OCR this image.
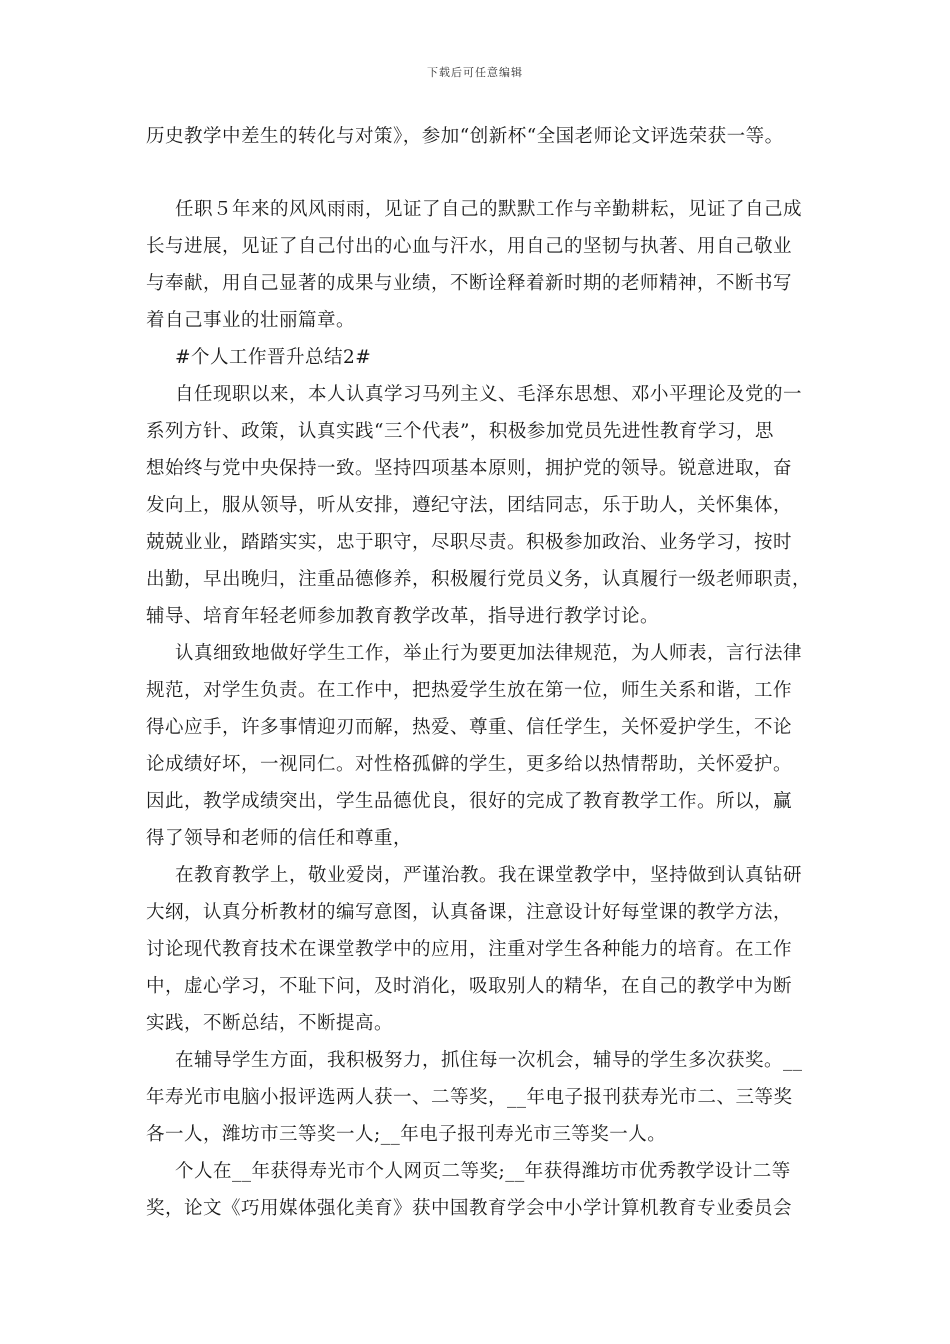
下载后可任意编辑
历史教学中差生的转化与对策》，参加“创新杯“全国老师论文评选荣获一等。
任职５年来的风风雨雨，见证了自己的默默工作与辛勤耕耘，见证了自己成
长与进展，见证了自己付出的心血与汗水，用自己的坚韧与执著、用自己敬业
与奉献，用自己显著的成果与业绩，不断诠释着新时期的老师精神，不断书写
着自己事业的壮丽篇章。
#个人工作晋升总结2#
自任现职以来，本人认真学习马列主义、毛泽东思想、邓小平理论及党的一
系列方针、政策，认真实践“三个代表”，积极参加党员先进性教育学习，思
想始终与党中央保持一致。坚持四项基本原则，拥护党的领导。锐意进取，奋
发向上，服从领导，听从安排，遵纪守法，团结同志，乐于助人，关怀集体，
兢兢业业，踏踏实实，忠于职守，尽职尽责。积极参加政治、业务学习，按时
出勤，早出晚归，注重品德修养，积极履行党员义务，认真履行一级老师职责，
辅导、培育年轻老师参加教育教学改革，指导进行教学讨论。
认真细致地做好学生工作，举止行为要更加法律规范，为人师表，言行法律
规范，对学生负责。在工作中，把热爱学生放在第一位，师生关系和谐，工作
得心应手，许多事情迎刃而解，热爱、尊重、信任学生，关怀爱护学生，不论
论成绩好坏，一视同仁。对性格孤僻的学生，更多给以热情帮助，关怀爱护。
因此，教学成绩突出，学生品德优良，很好的完成了教育教学工作。所以，赢
得了领导和老师的信任和尊重，
在教育教学上，敬业爱岗，严谨治教。我在课堂教学中，坚持做到认真钻研
大纲，认真分析教材的编写意图，认真备课，注意设计好每堂课的教学方法，
讨论现代教育技术在课堂教学中的应用，注重对学生各种能力的培育。在工作
中，虚心学习，不耻下问，及时消化，吸取别人的精华，在自己的教学中为断
实践，不断总结，不断提高。
在辅导学生方面，我积极努力，抓住每一次机会，辅导的学生多次获奖。__
年寿光市电脑小报评选两人获一、二等奖，__年电子报刊获寿光市二、三等奖
各一人，潍坊市三等奖一人;__年电子报刊寿光市三等奖一人。
个人在__年获得寿光市个人网页二等奖;__年获得潍坊市优秀教学设计二等
奖，论文《巧用媒体强化美育》获中国教育学会中小学计算机教育专业委员会
